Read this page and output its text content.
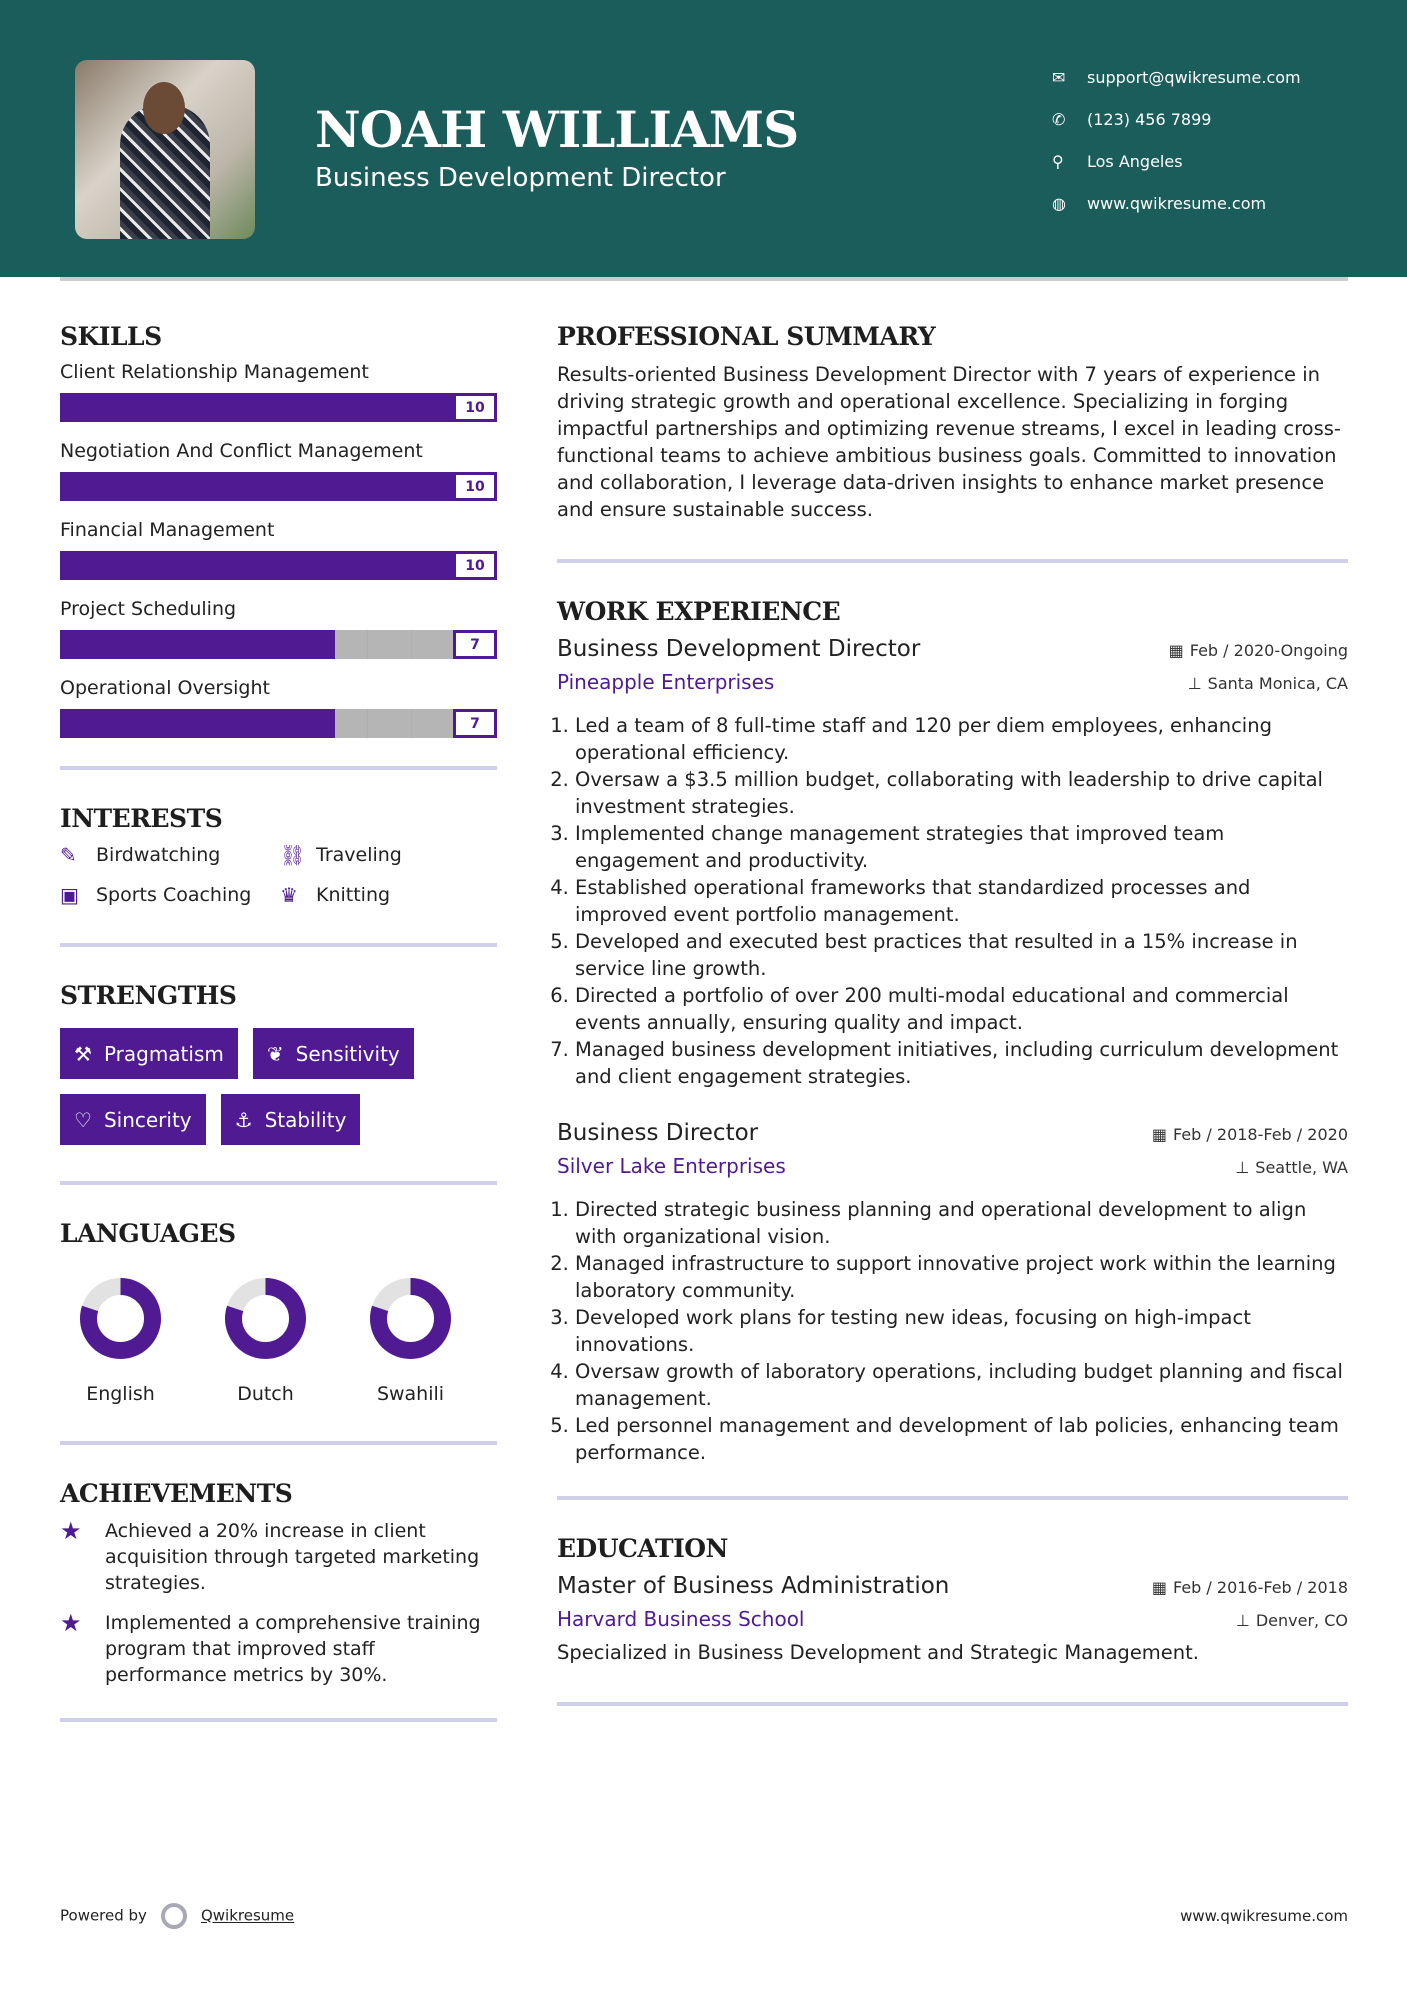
NOAH WILLIAMS
Business Development Director
✉	support@qwikresume.com
✆	(123) 456 7899
⚲	Los Angeles
◍	www.qwikresume.com
SKILLS
Client Relationship Management
10
Negotiation And Conflict Management
10
Financial Management
10
Project Scheduling
7
Operational Oversight
7
INTERESTS
✎	Birdwatching	⛓ Traveling
▣ Sports Coaching ♛ Knitting
STRENGTHS
⚒ Pragmatism ❦ Sensitivity
♡ Sincerity ⚓ Stability
LANGUAGES
English	Dutch	Swahili
ACHIEVEMENTS
★	Achieved a 20% increase in client acquisition through targeted marketing strategies.
★	Implemented a comprehensive training program that improved staff performance metrics by 30%.
PROFESSIONAL SUMMARY

Results-oriented Business Development Director with 7 years of experience in driving strategic growth and operational excellence. Specializing in forging impactful partnerships and optimizing revenue streams, I excel in leading cross-functional teams to achieve ambitious business goals. Committed to innovation and collaboration, I leverage data-driven insights to enhance market presence and ensure sustainable success.

WORK EXPERIENCE
Business Development Director	▦ Feb / 2020-Ongoing
Pineapple Enterprises	⊥ Santa Monica, CA
1. Led a team of 8 full-time staff and 120 per diem employees, enhancing operational efficiency.
2. Oversaw a $3.5 million budget, collaborating with leadership to drive capital investment strategies.
3. Implemented change management strategies that improved team engagement and productivity.
4. Established operational frameworks that standardized processes and improved event portfolio management.
5. Developed and executed best practices that resulted in a 15% increase in service line growth.
6. Directed a portfolio of over 200 multi-modal educational and commercial events annually, ensuring quality and impact.
7. Managed business development initiatives, including curriculum development and client engagement strategies.
Business Director	▦ Feb / 2018-Feb / 2020
Silver Lake Enterprises	⊥ Seattle, WA
1. Directed strategic business planning and operational development to align with organizational vision.
2. Managed infrastructure to support innovative project work within the learning laboratory community.
3. Developed work plans for testing new ideas, focusing on high-impact innovations.
4. Oversaw growth of laboratory operations, including budget planning and fiscal management.
5. Led personnel management and development of lab policies, enhancing team performance.
EDUCATION
Master of Business Administration	▦ Feb / 2016-Feb / 2018
Harvard Business School	⊥ Denver, CO

Specialized in Business Development and Strategic Management.

Powered by	Qwikresume	www.qwikresume.com
